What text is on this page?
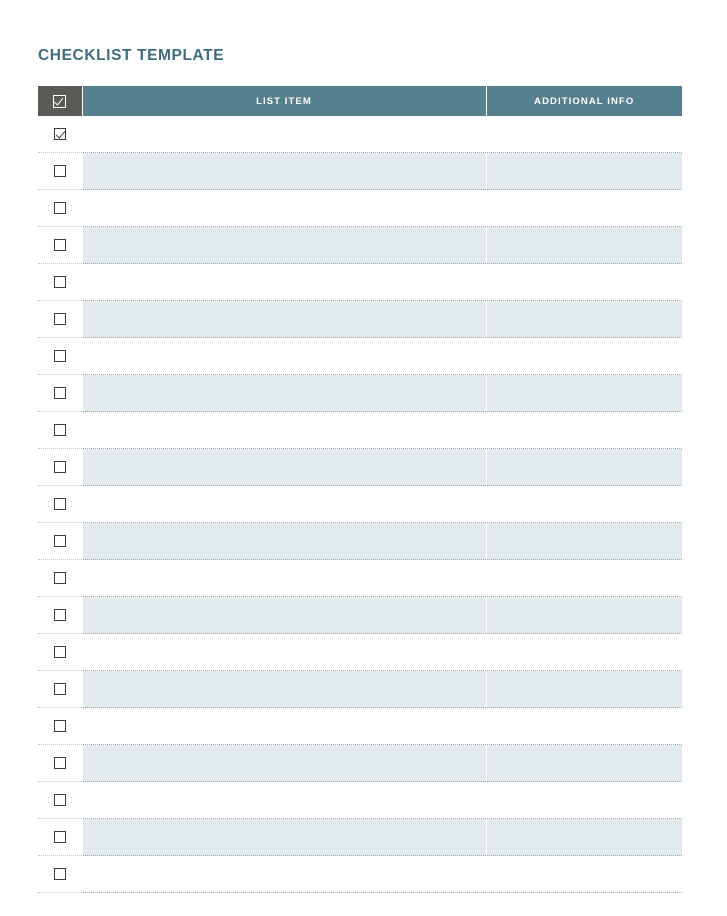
CHECKLIST TEMPLATE
	LIST ITEM	ADDITIONAL INFO
